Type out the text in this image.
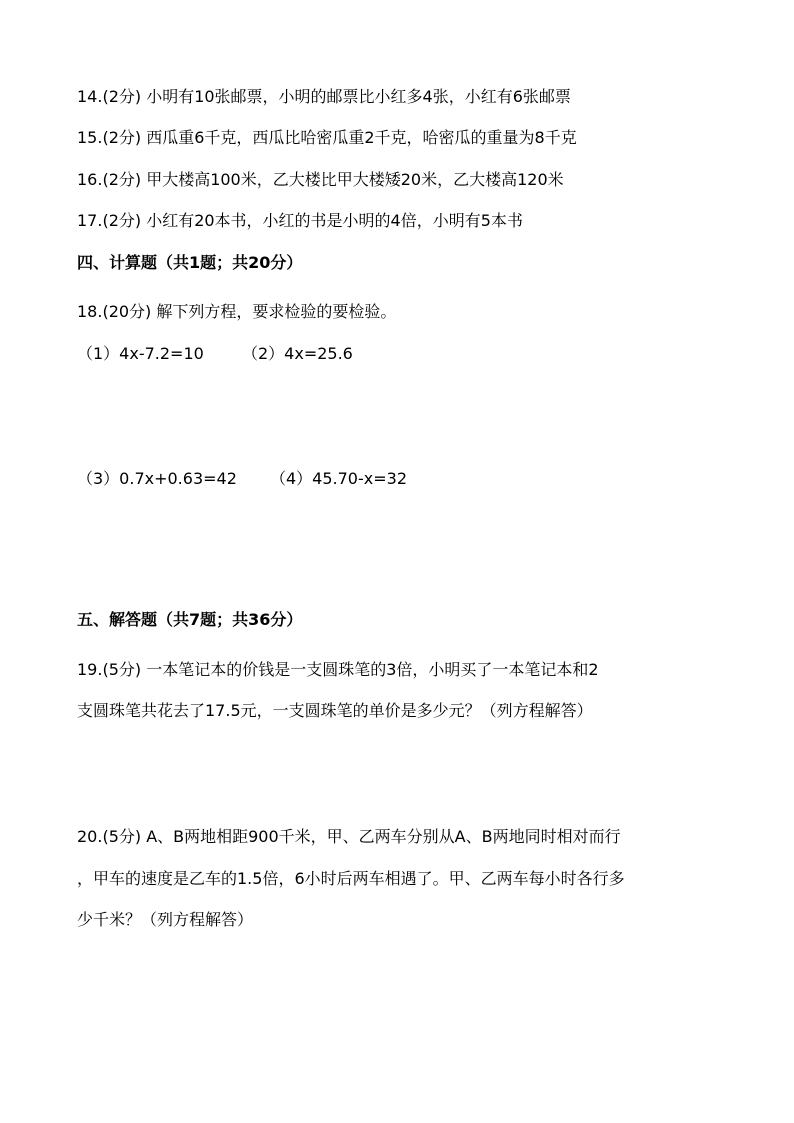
14.(2分) 小明有10张邮票，小明的邮票比小红多4张，小红有6张邮票
15.(2分) 西瓜重6千克，西瓜比哈密瓜重2千克，哈密瓜的重量为8千克
16.(2分) 甲大楼高100米，乙大楼比甲大楼矮20米，乙大楼高120米
17.(2分) 小红有20本书，小红的书是小明的4倍，小明有5本书
四、计算题（共1题；共20分）
18.(20分) 解下列方程，要求检验的要检验。
（1）4x-7.2=10 （2）4x=25.6
（3）0.7x+0.63=42 （4）45.70-x=32
五、解答题（共7题；共36分）
19.(5分) 一本笔记本的价钱是一支圆珠笔的3倍，小明买了一本笔记本和2
支圆珠笔共花去了17.5元，一支圆珠笔的单价是多少元？（列方程解答）
20.(5分) A、B两地相距900千米，甲、乙两车分别从A、B两地同时相对而行
，甲车的速度是乙车的1.5倍，6小时后两车相遇了。甲、乙两车每小时各行多
少千米？（列方程解答）
